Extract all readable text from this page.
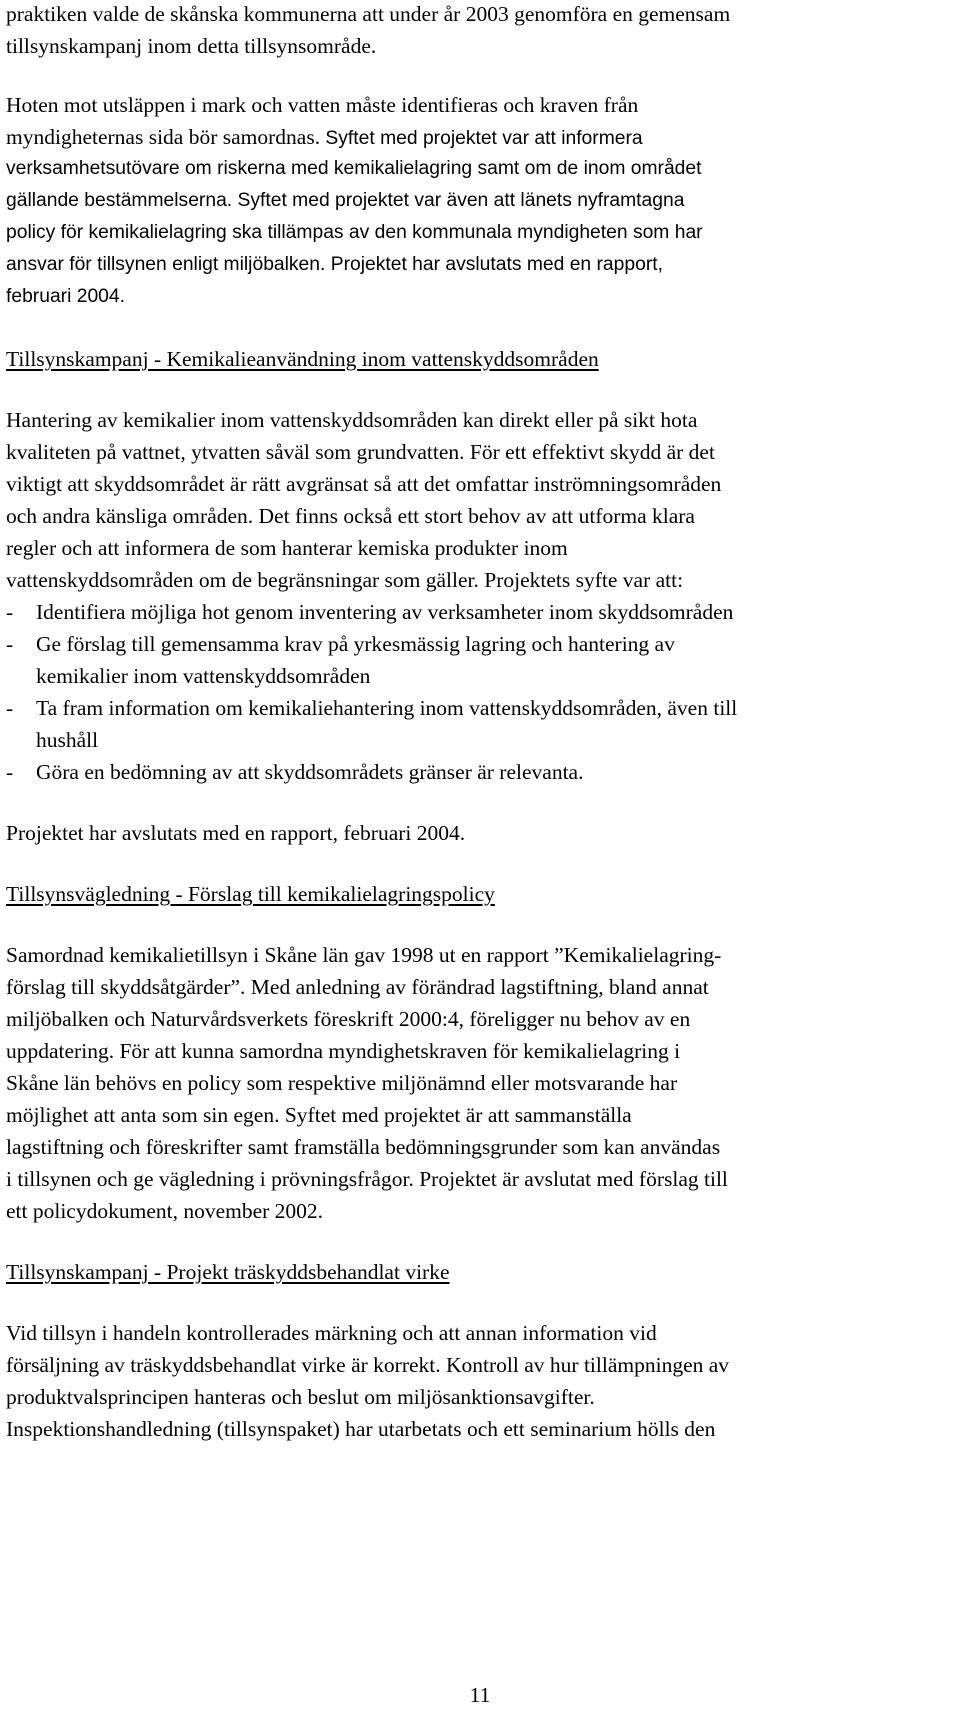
praktiken valde de skånska kommunerna att under år 2003 genomföra en gemensam
tillsynskampanj inom detta tillsynsområde.
Hoten mot utsläppen i mark och vatten måste identifieras och kraven från
myndigheternas sida bör samordnas. Syftet med projektet var att informera
verksamhetsutövare om riskerna med kemikalielagring samt om de inom området
gällande bestämmelserna. Syftet med projektet var även att länets nyframtagna
policy för kemikalielagring ska tillämpas av den kommunala myndigheten som har
ansvar för tillsynen enligt miljöbalken. Projektet har avslutats med en rapport,
februari 2004.
Tillsynskampanj - Kemikalieanvändning inom vattenskyddsområden
Hantering av kemikalier inom vattenskyddsområden kan direkt eller på sikt hota
kvaliteten på vattnet, ytvatten såväl som grundvatten. För ett effektivt skydd är det
viktigt att skyddsområdet är rätt avgränsat så att det omfattar inströmningsområden
och andra känsliga områden. Det finns också ett stort behov av att utforma klara
regler och att informera de som hanterar kemiska produkter inom
vattenskyddsområden om de begränsningar som gäller. Projektets syfte var att:
- Identifiera möjliga hot genom inventering av verksamheter inom skyddsområden
- Ge förslag till gemensamma krav på yrkesmässig lagring och hantering av
kemikalier inom vattenskyddsområden
- Ta fram information om kemikaliehantering inom vattenskyddsområden, även till
hushåll
- Göra en bedömning av att skyddsområdets gränser är relevanta.
Projektet har avslutats med en rapport, februari 2004.
Tillsynsvägledning - Förslag till kemikalielagringspolicy
Samordnad kemikalietillsyn i Skåne län gav 1998 ut en rapport ”Kemikalielagring-
förslag till skyddsåtgärder”. Med anledning av förändrad lagstiftning, bland annat
miljöbalken och Naturvårdsverkets föreskrift 2000:4, föreligger nu behov av en
uppdatering. För att kunna samordna myndighetskraven för kemikalielagring i
Skåne län behövs en policy som respektive miljönämnd eller motsvarande har
möjlighet att anta som sin egen. Syftet med projektet är att sammanställa
lagstiftning och föreskrifter samt framställa bedömningsgrunder som kan användas
i tillsynen och ge vägledning i prövningsfrågor. Projektet är avslutat med förslag till
ett policydokument, november 2002.
Tillsynskampanj - Projekt träskyddsbehandlat virke
Vid tillsyn i handeln kontrollerades märkning och att annan information vid
försäljning av träskyddsbehandlat virke är korrekt. Kontroll av hur tillämpningen av
produktvalsprincipen hanteras och beslut om miljösanktionsavgifter.
Inspektionshandledning (tillsynspaket) har utarbetats och ett seminarium hölls den
11
